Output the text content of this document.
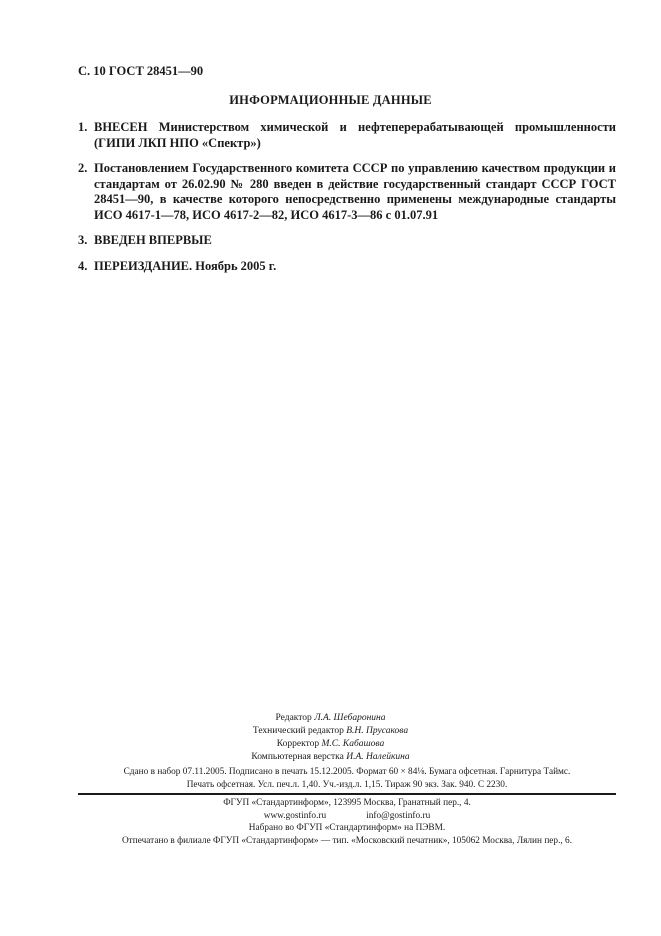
С. 10 ГОСТ 28451—90
ИНФОРМАЦИОННЫЕ ДАННЫЕ
1. ВНЕСЕН Министерством химической и нефтеперерабатывающей промышленности (ГИПИ ЛКП НПО «Спектр»)
2. Постановлением Государственного комитета СССР по управлению качеством продукции и стандартам от 26.02.90 № 280 введен в действие государственный стандарт СССР ГОСТ 28451—90, в качестве которого непосредственно применены международные стандарты ИСО 4617-1—78, ИСО 4617-2—82, ИСО 4617-3—86 с 01.07.91
3. ВВЕДЕН ВПЕРВЫЕ
4. ПЕРЕИЗДАНИЕ. Ноябрь 2005 г.
Редактор Л.А. Шебаронина
Технический редактор В.Н. Прусакова
Корректор М.С. Кабашова
Компьютерная верстка И.А. Налейкина
Сдано в набор 07.11.2005. Подписано в печать 15.12.2005. Формат 60 × 84⅛. Бумага офсетная. Гарнитура Таймс.
Печать офсетная. Усл. печ.л. 1,40. Уч.-изд.л. 1,15. Тираж 90 экз. Зак. 940. С 2230.
ФГУП «Стандартинформ», 123995 Москва, Гранатный пер., 4.
www.gostinfo.ru	info@gostinfo.ru
Набрано во ФГУП «Стандартинформ» на ПЭВМ.
Отпечатано в филиале ФГУП «Стандартинформ» — тип. «Московский печатник», 105062 Москва, Лялин пер., 6.
